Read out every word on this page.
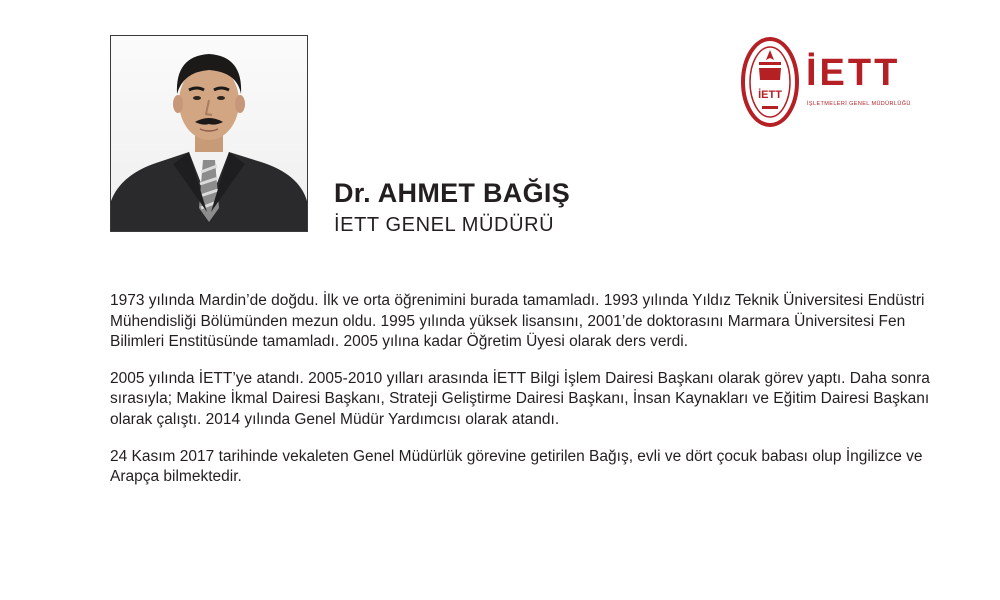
Dr. AHMET BAĞIŞ
İETT GENEL MÜDÜRÜ
İETT
İETT
İŞLETMELERİ GENEL MÜDÜRLÜĞÜ

1973 yılında Mardin’de doğdu. İlk ve orta öğrenimini burada tamamladı. 1993 yılında Yıldız Teknik Üniversitesi Endüstri Mühendisliği Bölümünden mezun oldu. 1995 yılında yüksek lisansını, 2001’de doktorasını Marmara Üniversitesi Fen Bilimleri Enstitüsünde tamamladı. 2005 yılına kadar Öğretim Üyesi olarak ders verdi.

2005 yılında İETT’ye atandı. 2005-2010 yılları arasında İETT Bilgi İşlem Dairesi Başkanı olarak görev yaptı. Daha sonra sırasıyla; Makine İkmal Dairesi Başkanı, Strateji Geliştirme Dairesi Başkanı, İnsan Kaynakları ve Eğitim Dairesi Başkanı olarak çalıştı. 2014 yılında Genel Müdür Yardımcısı olarak atandı.

24 Kasım 2017 tarihinde vekaleten Genel Müdürlük görevine getirilen Bağış, evli ve dört çocuk babası olup İngilizce ve Arapça bilmektedir.
